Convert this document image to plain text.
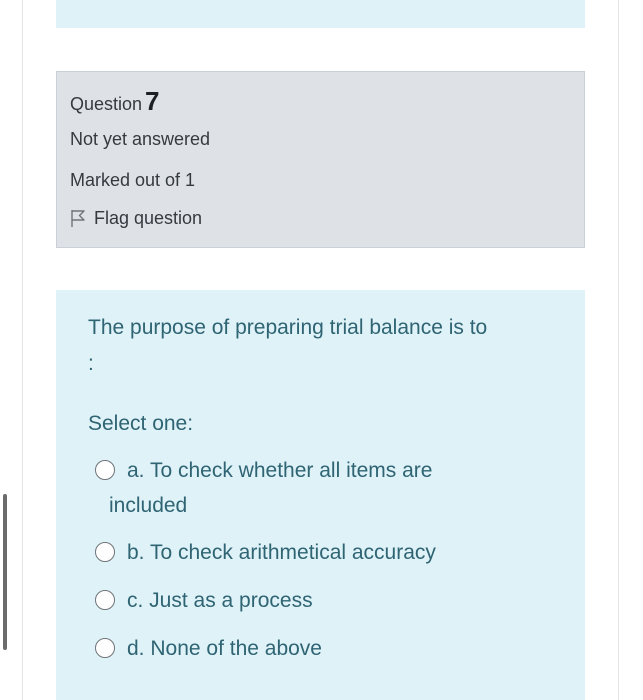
Question 7
Not yet answered
Marked out of 1
Flag question
The purpose of preparing trial balance is to
:
Select one:
a. To check whether all items are
included
b. To check arithmetical accuracy
c. Just as a process
d. None of the above
